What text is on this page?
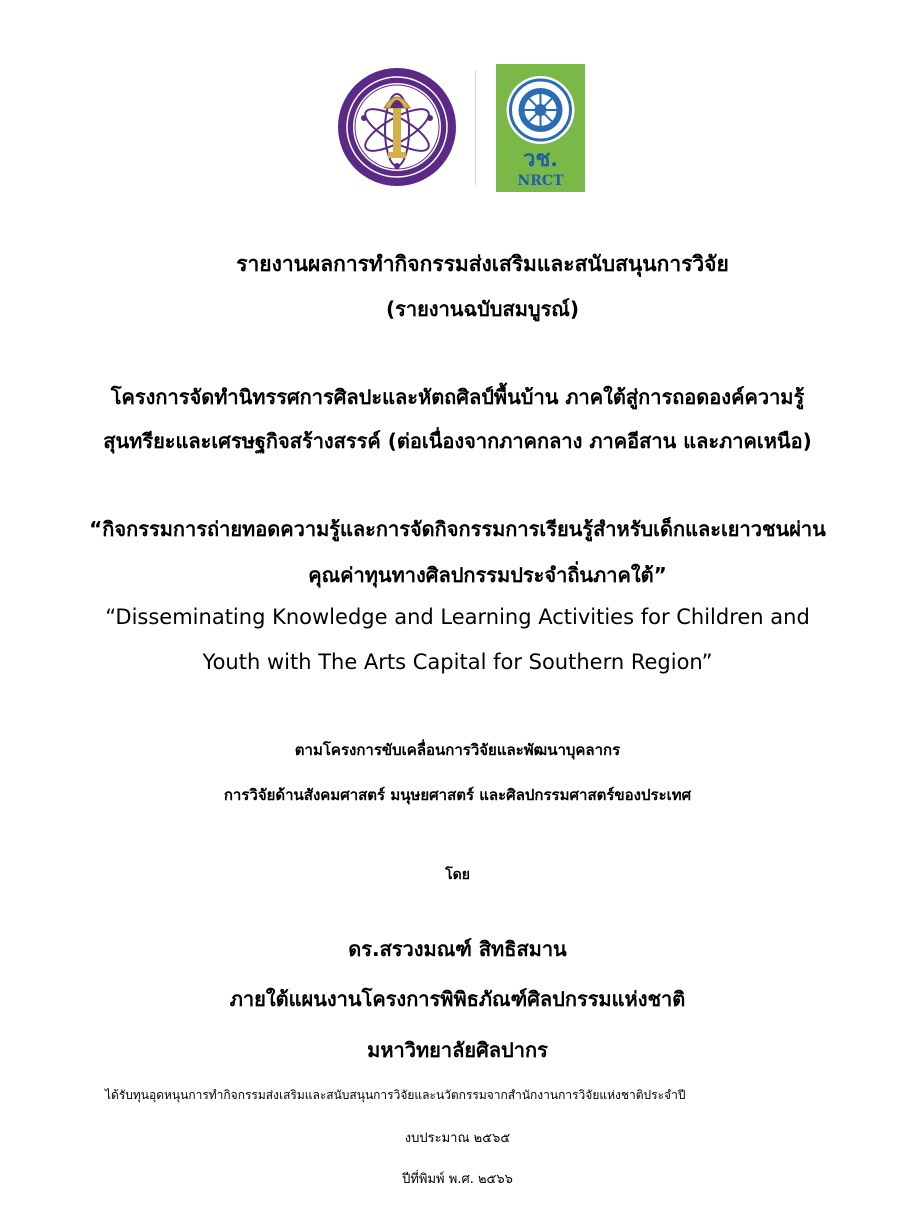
วช.
NRCT
รายงานผลการทำกิจกรรมส่งเสริมและสนับสนุนการวิจัย
(รายงานฉบับสมบูรณ์)
โครงการจัดทำนิทรรศการศิลปะและหัตถศิลป์พื้นบ้าน ภาคใต้สู่การถอดองค์ความรู้
สุนทรียะและเศรษฐกิจสร้างสรรค์ (ต่อเนื่องจากภาคกลาง ภาคอีสาน และภาคเหนือ)
“กิจกรรมการถ่ายทอดความรู้และการจัดกิจกรรมการเรียนรู้สำหรับเด็กและเยาวชนผ่าน
คุณค่าทุนทางศิลปกรรมประจำถิ่นภาคใต้”
“Disseminating Knowledge and Learning Activities for Children and
Youth with The Arts Capital for Southern Region”
ตามโครงการขับเคลื่อนการวิจัยและพัฒนาบุคลากร
การวิจัยด้านสังคมศาสตร์ มนุษยศาสตร์ และศิลปกรรมศาสตร์ของประเทศ
โดย
ดร.สรวงมณฑ์ สิทธิสมาน
ภายใต้แผนงานโครงการพิพิธภัณฑ์ศิลปกรรมแห่งชาติ
มหาวิทยาลัยศิลปากร
ได้รับทุนอุดหนุนการทำกิจกรรมส่งเสริมและสนับสนุนการวิจัยและนวัตกรรมจากสำนักงานการวิจัยแห่งชาติประจำปี
งบประมาณ ๒๕๖๕
ปีที่พิมพ์ พ.ศ. ๒๕๖๖
